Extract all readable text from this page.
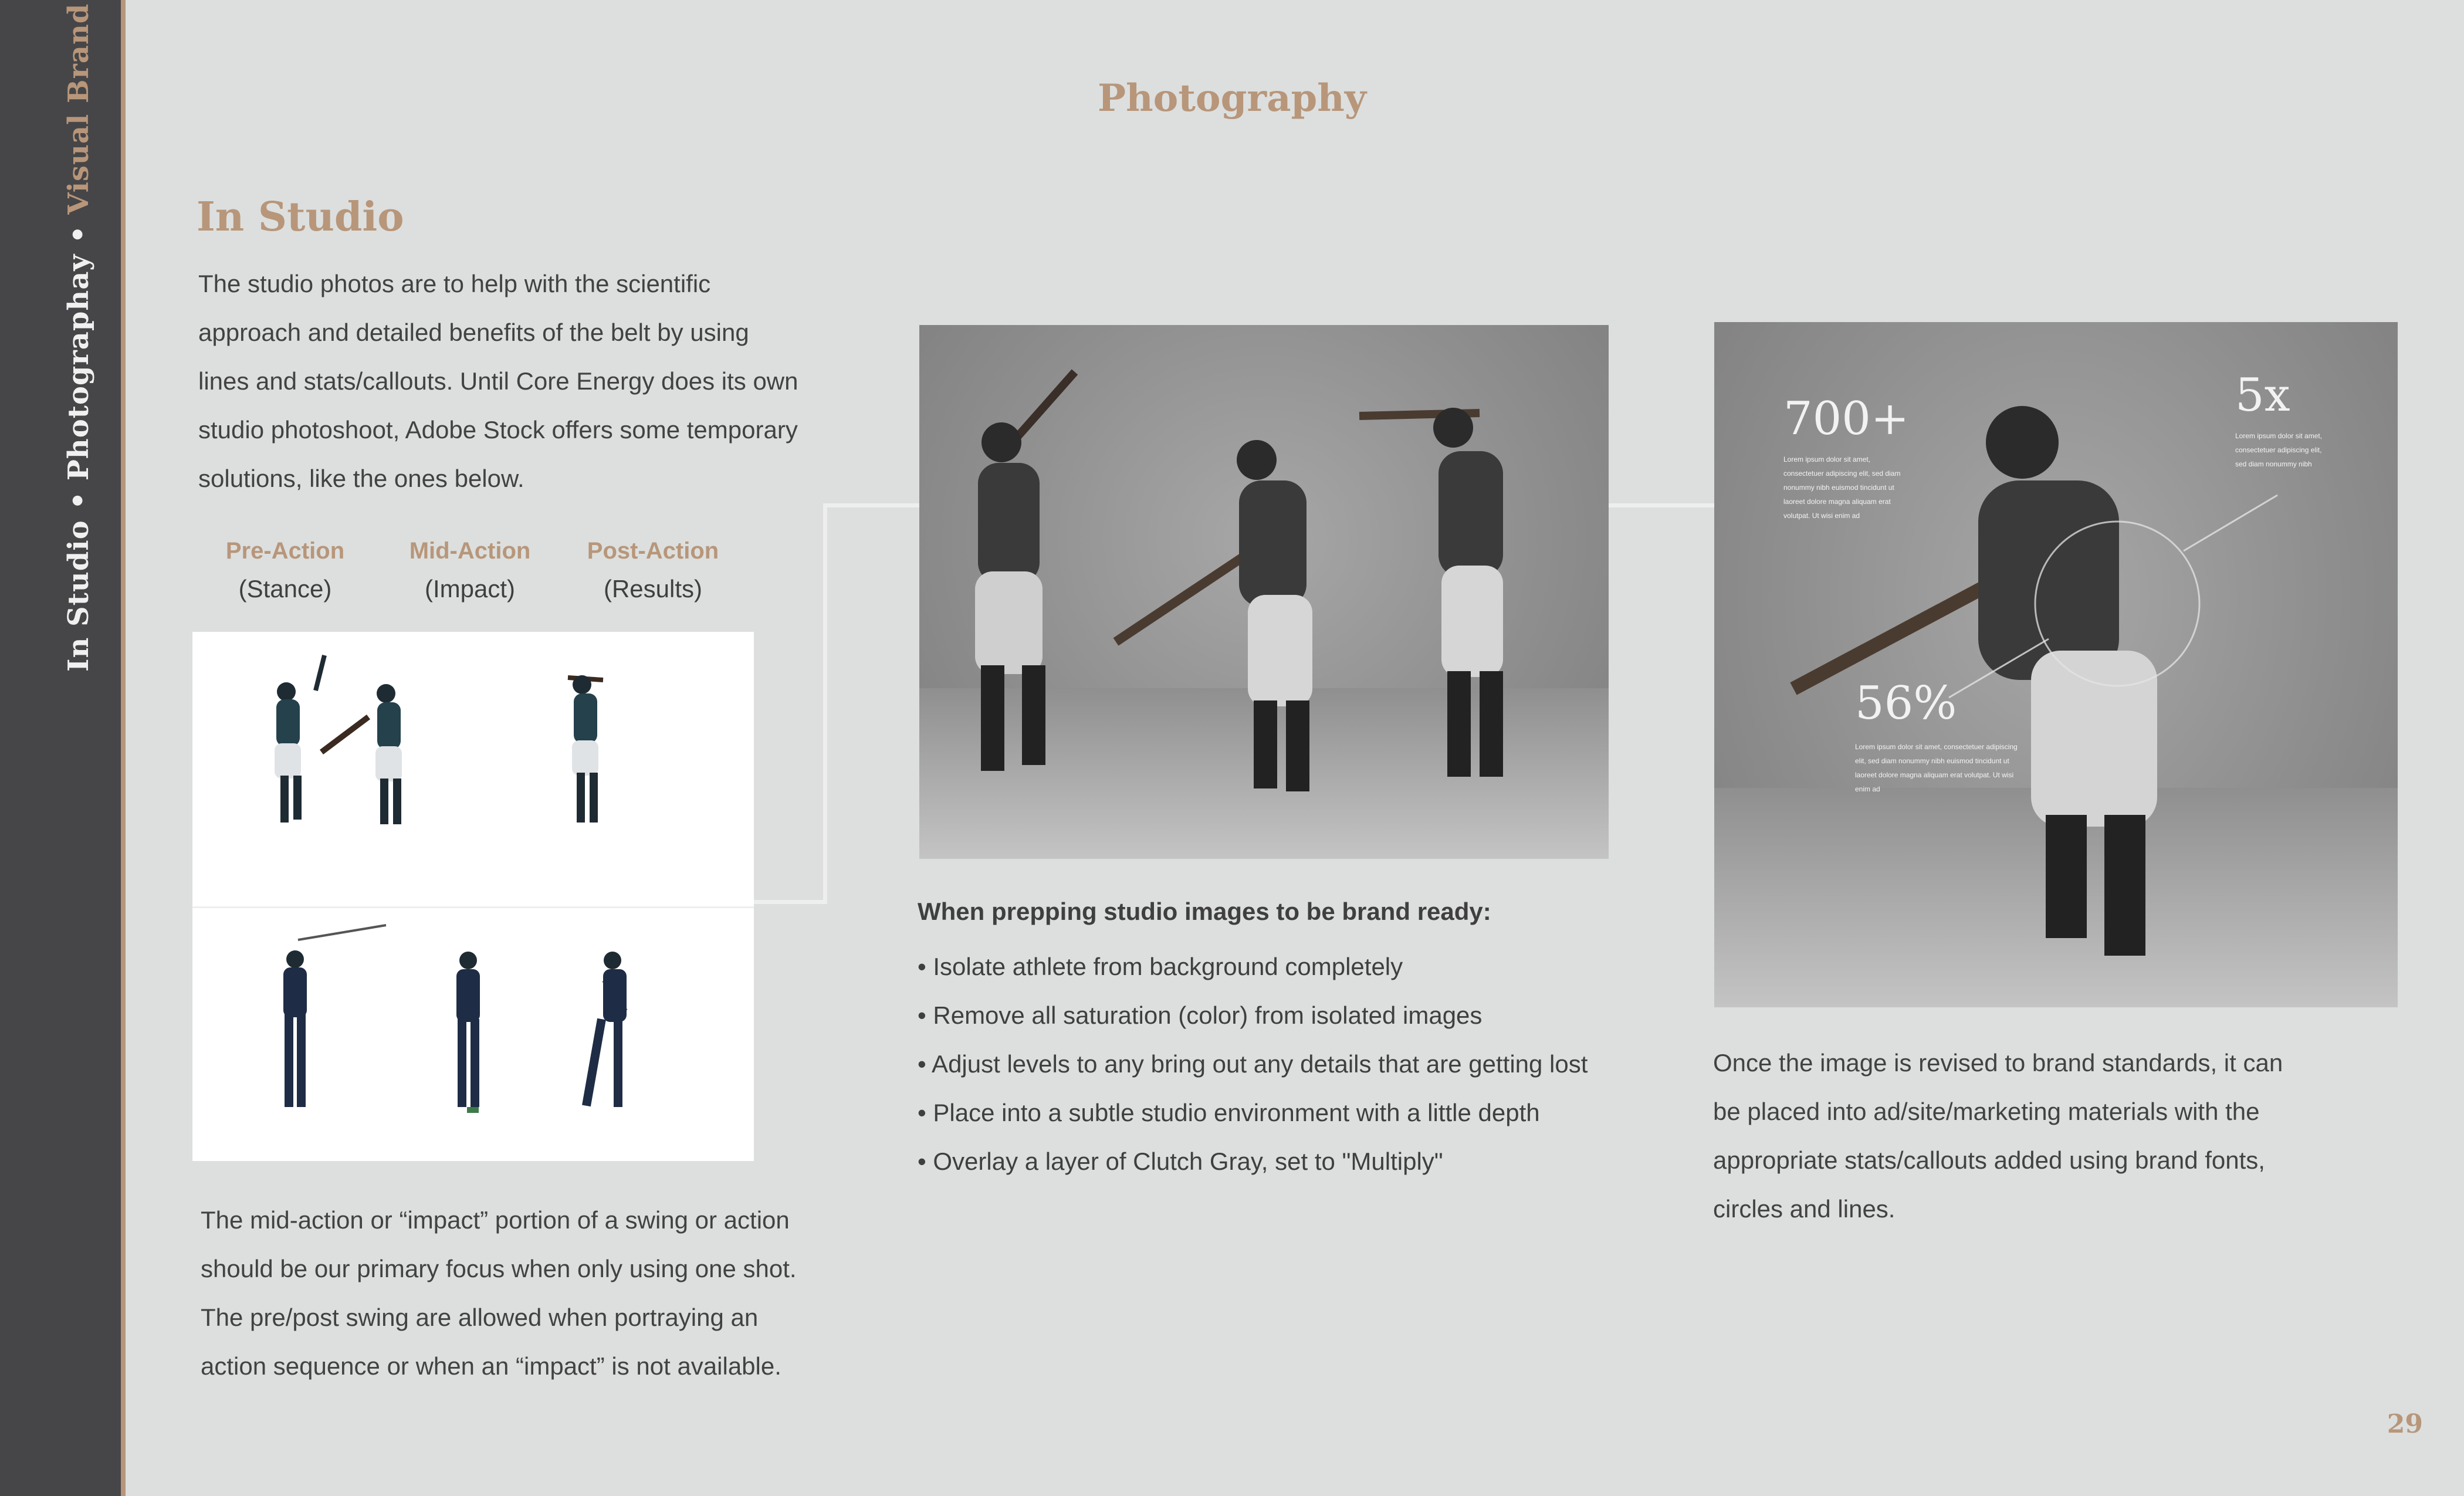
In Studio • Photographay • Visual Brand	Photography
In Studio

The studio photos are to help with the scientific

approach and detailed benefits of the belt by using

lines and stats/callouts. Until Core Energy does its own

studio photoshoot, Adobe Stock offers some temporary

solutions, like the ones below.

Pre-Action
(Stance)
Mid-Action
(Impact)
Post-Action
(Results)

The mid-action or “impact” portion of a swing or action

should be our primary focus when only using one shot.

The pre/post swing are allowed when portraying an

action sequence or when an “impact” is not available.

700+
Lorem ipsum dolor sit amet, consectetuer adipiscing elit, sed diam nonummy nibh euismod tincidunt ut laoreet dolore magna aliquam erat volutpat. Ut wisi enim ad
5x
Lorem ipsum dolor sit amet, consectetuer adipiscing elit, sed diam nonummy nibh
56%
Lorem ipsum dolor sit amet, consectetuer adipiscing elit, sed diam nonummy nibh euismod tincidunt ut laoreet dolore magna aliquam erat volutpat. Ut wisi enim ad
When prepping studio images to be brand ready:
• Isolate athlete from background completely
• Remove all saturation (color) from isolated images
• Adjust levels to any bring out any details that are getting lost
• Place into a subtle studio environment with a little depth
• Overlay a layer of Clutch Gray, set to "Multiply"

Once the image is revised to brand standards, it can

be placed into ad/site/marketing materials with the

appropriate stats/callouts added using brand fonts,

circles and lines.

29
